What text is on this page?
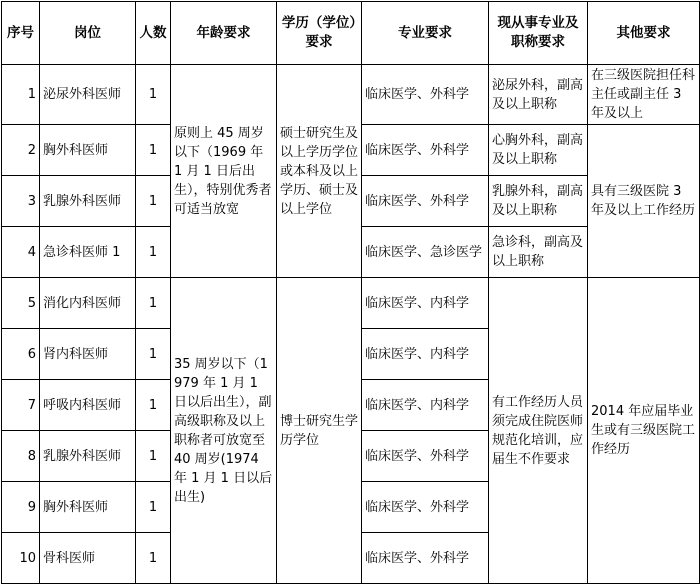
序号	岗位	人数	年龄要求	学历（学位）要求	专业要求	现从事专业及职称要求	其他要求
1	泌尿外科医师	1	原则上 45 周岁以下（1969 年 1 月 1 日后出生），特别优秀者可适当放宽	硕士研究生及以上学历学位或本科及以上学历、硕士及以上学位	临床医学、外科学	泌尿外科，副高及以上职称	在三级医院担任科主任或副主任 3 年及以上
2	胸外科医师	1			临床医学、外科学	心胸外科，副高及以上职称	具有三级医院 3 年及以上工作经历
3	乳腺外科医师	1			临床医学、外科学	乳腺外科，副高及以上职称	
4	急诊科医师 1	1			临床医学、急诊医学	急诊科，副高及以上职称	
5	消化内科医师	1	35 周岁以下（1979 年 1 月 1 日以后出生），副高级职称及以上职称者可放宽至 40 周岁(1974 年 1 月 1 日以后出生)	博士研究生学历学位	临床医学、内科学	有工作经历人员须完成住院医师规范化培训，应届生不作要求	2014 年应届毕业生或有三级医院工作经历
6	肾内科医师	1			临床医学、内科学		
7	呼吸内科医师	1			临床医学、内科学		
8	乳腺外科医师	1			临床医学、外科学		
9	胸外科医师	1			临床医学、外科学		
10	骨科医师	1			临床医学、外科学		
